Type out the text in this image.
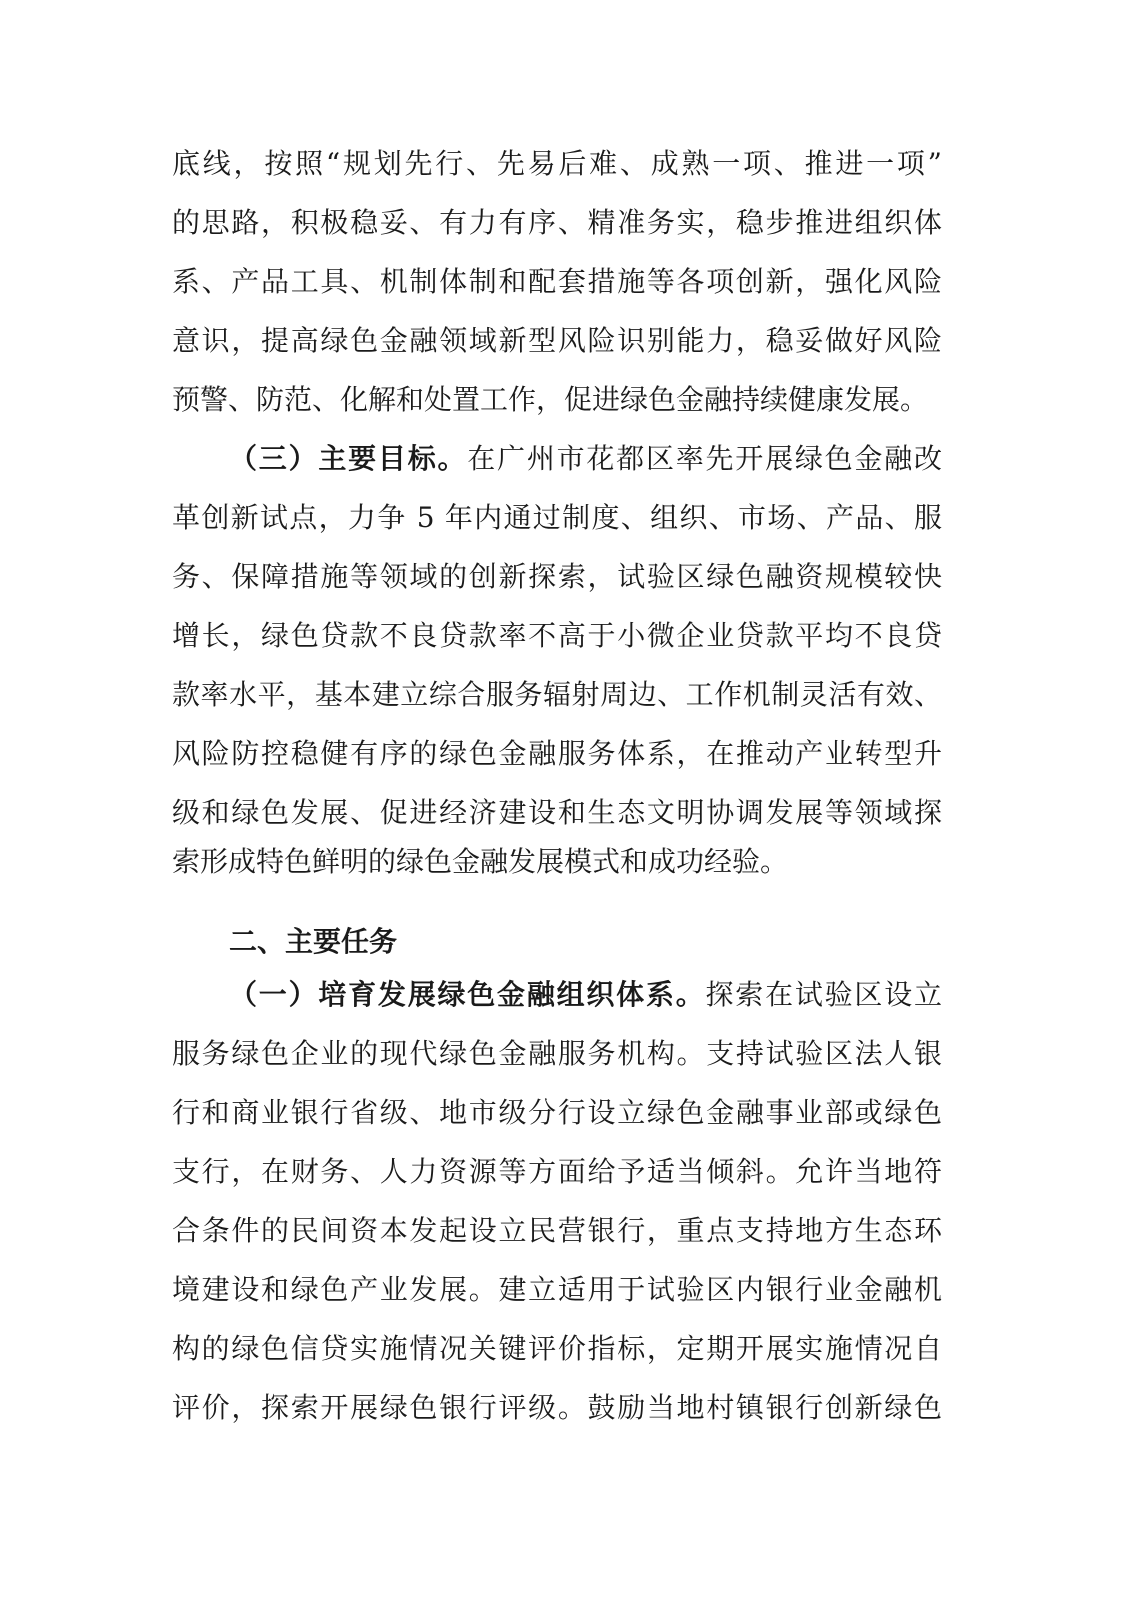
底线，按照“规划先行、先易后难、成熟一项、推进一项”
的思路，积极稳妥、有力有序、精准务实，稳步推进组织体
系、产品工具、机制体制和配套措施等各项创新，强化风险
意识，提高绿色金融领域新型风险识别能力，稳妥做好风险
预警、防范、化解和处置工作，促进绿色金融持续健康发展。
（三）主要目标。在广州市花都区率先开展绿色金融改
革创新试点，力争 5 年内通过制度、组织、市场、产品、服
务、保障措施等领域的创新探索，试验区绿色融资规模较快
增长，绿色贷款不良贷款率不高于小微企业贷款平均不良贷
款率水平，基本建立综合服务辐射周边、工作机制灵活有效、
风险防控稳健有序的绿色金融服务体系，在推动产业转型升
级和绿色发展、促进经济建设和生态文明协调发展等领域探
索形成特色鲜明的绿色金融发展模式和成功经验。
二、主要任务
（一）培育发展绿色金融组织体系。探索在试验区设立
服务绿色企业的现代绿色金融服务机构。支持试验区法人银
行和商业银行省级、地市级分行设立绿色金融事业部或绿色
支行，在财务、人力资源等方面给予适当倾斜。允许当地符
合条件的民间资本发起设立民营银行，重点支持地方生态环
境建设和绿色产业发展。建立适用于试验区内银行业金融机
构的绿色信贷实施情况关键评价指标，定期开展实施情况自
评价，探索开展绿色银行评级。鼓励当地村镇银行创新绿色
